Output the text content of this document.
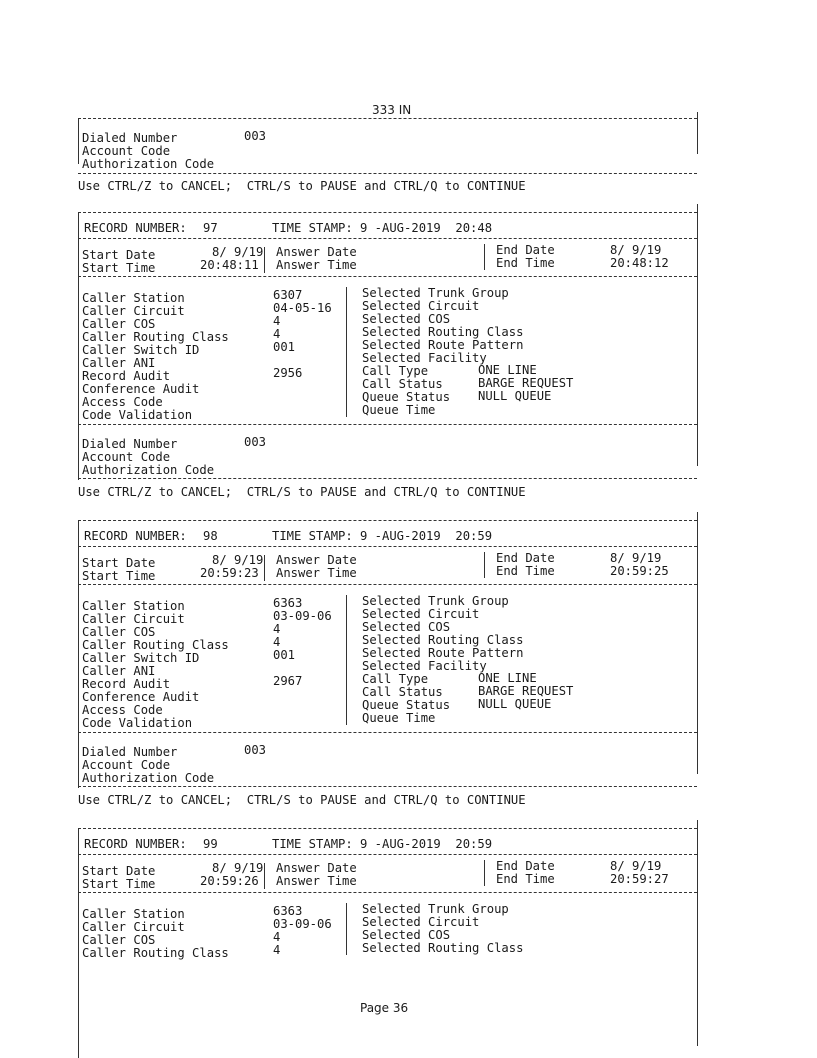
333 IN
Dialed Number	003
Account Code
Authorization Code
Use CTRL/Z to CANCEL;  CTRL/S to PAUSE and CTRL/Q to CONTINUE
RECORD NUMBER: 97	TIME STAMP: 9 -AUG-2019  20:48
Start Date	8/ 9/19
Start Time	20:48:11
Answer Date
Answer Time
End Date	8/ 9/19
End Time	20:48:12
Caller Station	6307
Caller Circuit	04-05-16
Caller COS	4
Caller Routing Class	4
Caller Switch ID	001
Caller ANI
Record Audit	2956
Conference Audit
Access Code
Code Validation
Selected Trunk Group
Selected Circuit
Selected COS
Selected Routing Class
Selected Route Pattern
Selected Facility
Call Type	ONE LINE
Call Status	BARGE REQUEST
Queue Status NULL QUEUE
Queue Time
Dialed Number	003
Account Code
Authorization Code
Use CTRL/Z to CANCEL;  CTRL/S to PAUSE and CTRL/Q to CONTINUE
RECORD NUMBER: 98	TIME STAMP: 9 -AUG-2019  20:59
Start Date	8/ 9/19
Start Time	20:59:23
Answer Date
Answer Time
End Date	8/ 9/19
End Time	20:59:25
Caller Station	6363
Caller Circuit	03-09-06
Caller COS	4
Caller Routing Class	4
Caller Switch ID	001
Caller ANI
Record Audit	2967
Conference Audit
Access Code
Code Validation
Selected Trunk Group
Selected Circuit
Selected COS
Selected Routing Class
Selected Route Pattern
Selected Facility
Call Type	ONE LINE
Call Status	BARGE REQUEST
Queue Status NULL QUEUE
Queue Time
Dialed Number	003
Account Code
Authorization Code
Use CTRL/Z to CANCEL;  CTRL/S to PAUSE and CTRL/Q to CONTINUE
RECORD NUMBER: 99	TIME STAMP: 9 -AUG-2019  20:59
Start Date	8/ 9/19
Start Time	20:59:26
Answer Date
Answer Time
End Date	8/ 9/19
End Time	20:59:27
Caller Station	6363
Caller Circuit	03-09-06
Caller COS	4
Caller Routing Class	4
Selected Trunk Group
Selected Circuit
Selected COS
Selected Routing Class
Page 36
